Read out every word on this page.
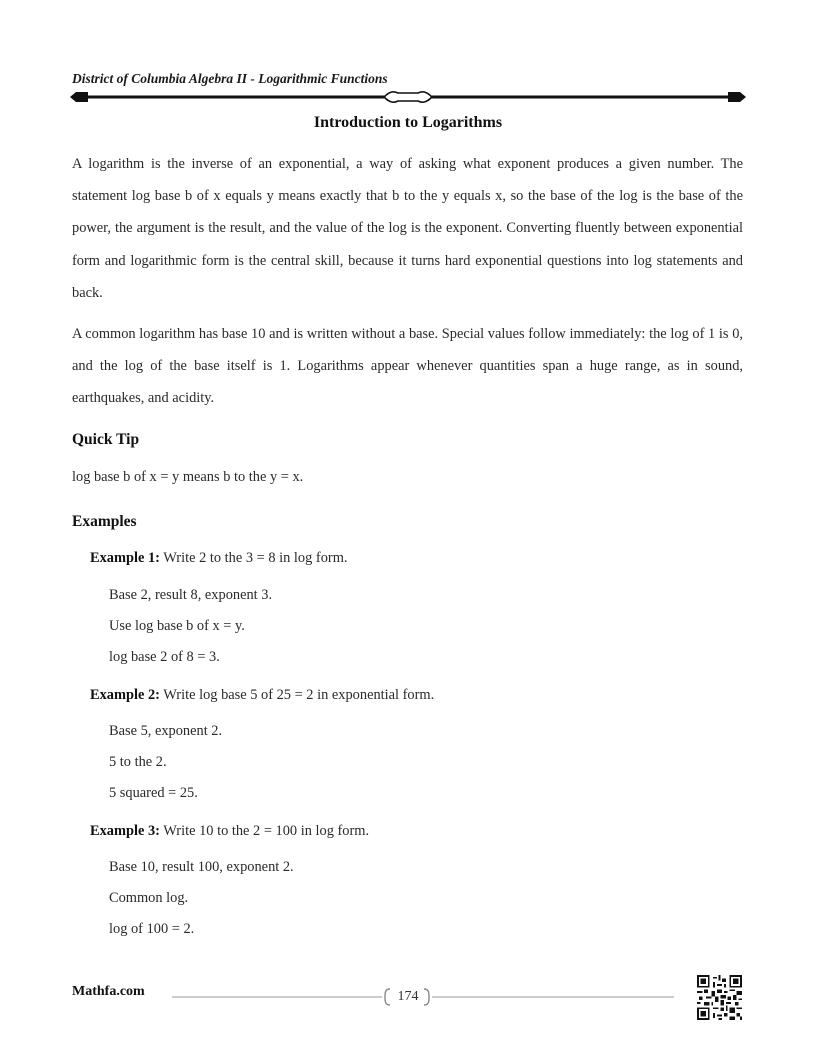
District of Columbia Algebra II - Logarithmic Functions
Introduction to Logarithms

A logarithm is the inverse of an exponential, a way of asking what exponent produces a given number. The statement log base b of x equals y means exactly that b to the y equals x, so the base of the log is the base of the power, the argument is the result, and the value of the log is the exponent. Converting fluently between exponential form and logarithmic form is the central skill, because it turns hard exponential questions into log statements and back.

A common logarithm has base 10 and is written without a base. Special values follow immediately: the log of 1 is 0, and the log of the base itself is 1. Logarithms appear whenever quantities span a huge range, as in sound, earthquakes, and acidity.

Quick Tip
log base b of x = y means b to the y = x.
Examples
Example 1: Write 2 to the 3 = 8 in log form.
Base 2, result 8, exponent 3.
Use log base b of x = y.
log base 2 of 8 = 3.
Example 2: Write log base 5 of 25 = 2 in exponential form.
Base 5, exponent 2.
5 to the 2.
5 squared = 25.
Example 3: Write 10 to the 2 = 100 in log form.
Base 10, result 100, exponent 2.
Common log.
log of 100 = 2.
Mathfa.com	174
